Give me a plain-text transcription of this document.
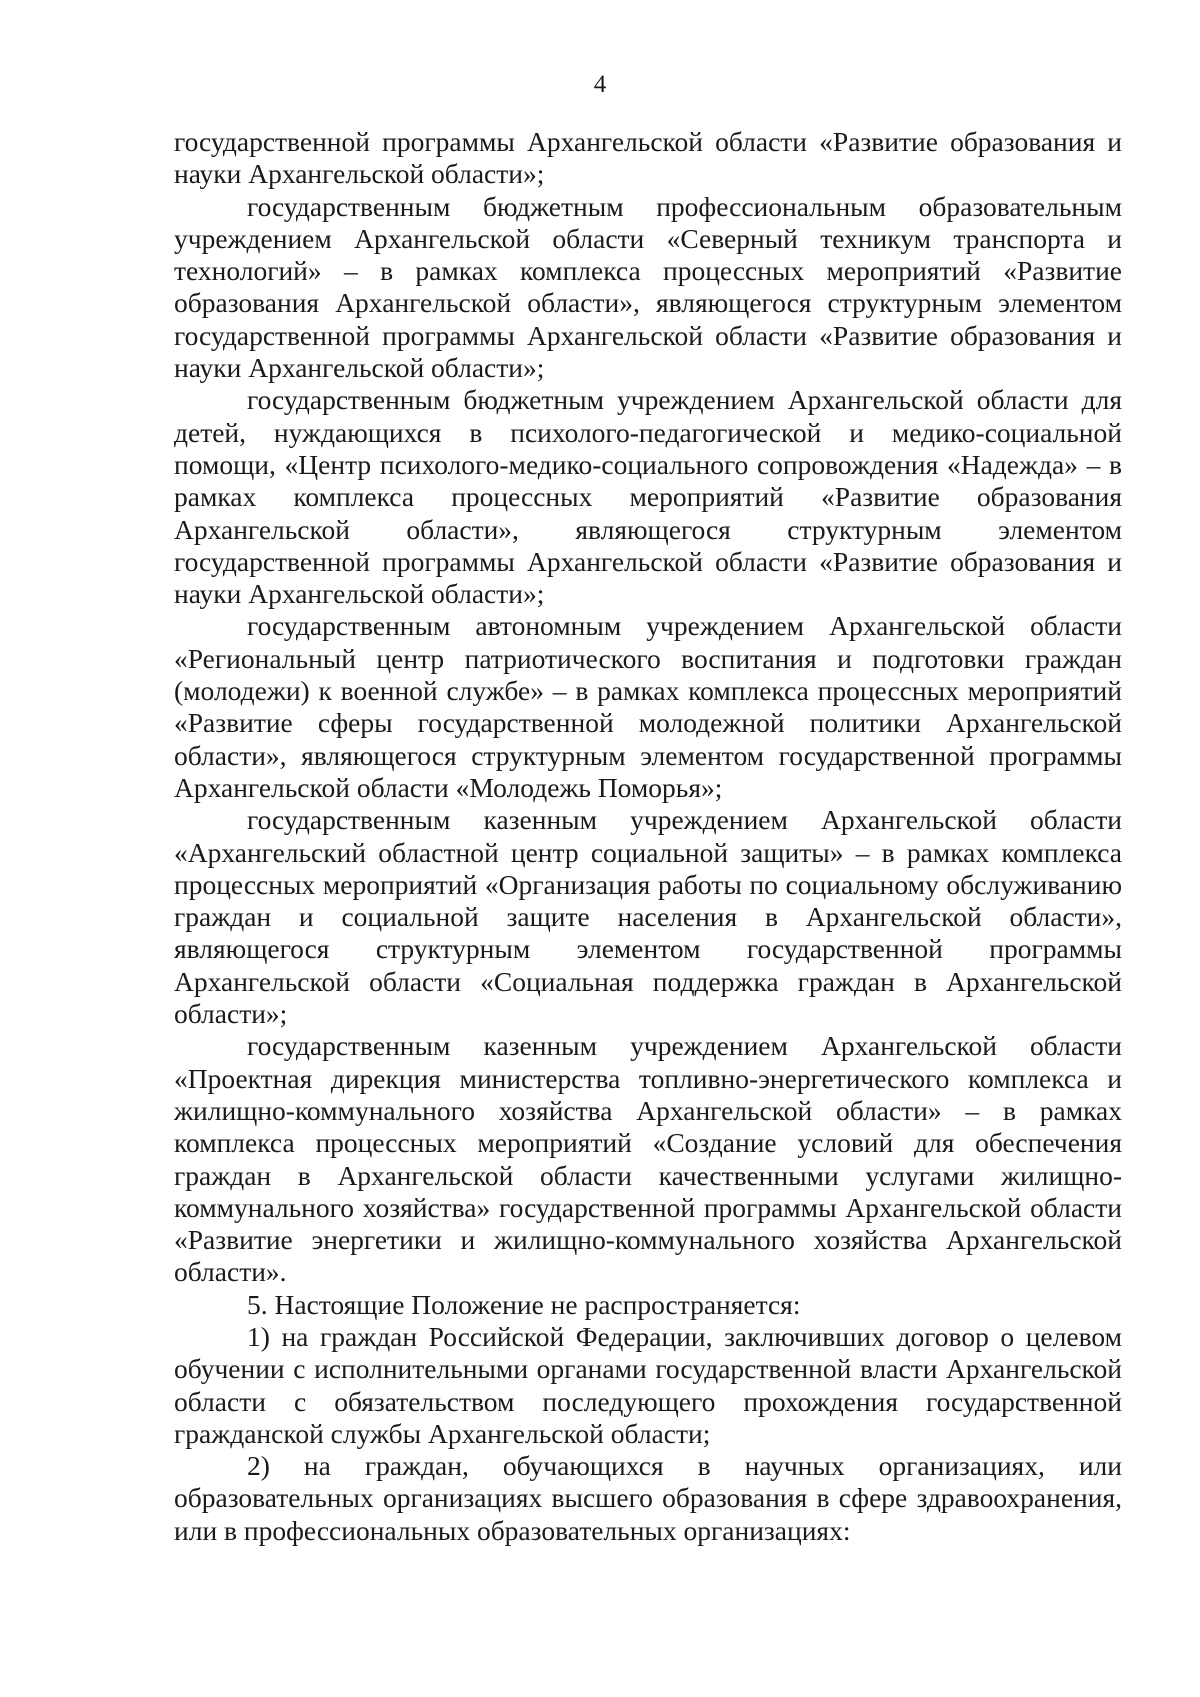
4

государственной программы Архангельской области «Развитие образования и науки Архангельской области»;

государственным бюджетным профессиональным образовательным учреждением Архангельской области «Северный техникум транспорта и технологий» – в рамках комплекса процессных мероприятий «Развитие образования Архангельской области», являющегося структурным элементом государственной программы Архангельской области «Развитие образования и науки Архангельской области»;

государственным бюджетным учреждением Архангельской области для детей, нуждающихся в психолого-педагогической и медико-социальной помощи, «Центр психолого-медико-социального сопровождения «Надежда» – в рамках комплекса процессных мероприятий «Развитие образования Архангельской области», являющегося структурным элементом государственной программы Архангельской области «Развитие образования и науки Архангельской области»;

государственным автономным учреждением Архангельской области «Региональный центр патриотического воспитания и подготовки граждан (молодежи) к военной службе» – в рамках комплекса процессных мероприятий «Развитие сферы государственной молодежной политики Архангельской области», являющегося структурным элементом государственной программы Архангельской области «Молодежь Поморья»;

государственным казенным учреждением Архангельской области «Архангельский областной центр социальной защиты» – в рамках комплекса процессных мероприятий «Организация работы по социальному обслуживанию граждан и социальной защите населения в Архангельской области», являющегося структурным элементом государственной программы Архангельской области «Социальная поддержка граждан в Архангельской области»;

государственным казенным учреждением Архангельской области «Проектная дирекция министерства топливно-энергетического комплекса и жилищно-коммунального хозяйства Архангельской области» – в рамках комплекса процессных мероприятий «Создание условий для обеспечения граждан в Архангельской области качественными услугами жилищно-коммунального хозяйства» государственной программы Архангельской области «Развитие энергетики и жилищно-коммунального хозяйства Архангельской области».

5. Настоящие Положение не распространяется:

1) на граждан Российской Федерации, заключивших договор о целевом обучении с исполнительными органами государственной власти Архангельской области с обязательством последующего прохождения государственной гражданской службы Архангельской области;

2) на граждан, обучающихся в научных организациях, или образовательных организациях высшего образования в сфере здравоохранения, или в профессиональных образовательных организациях:
